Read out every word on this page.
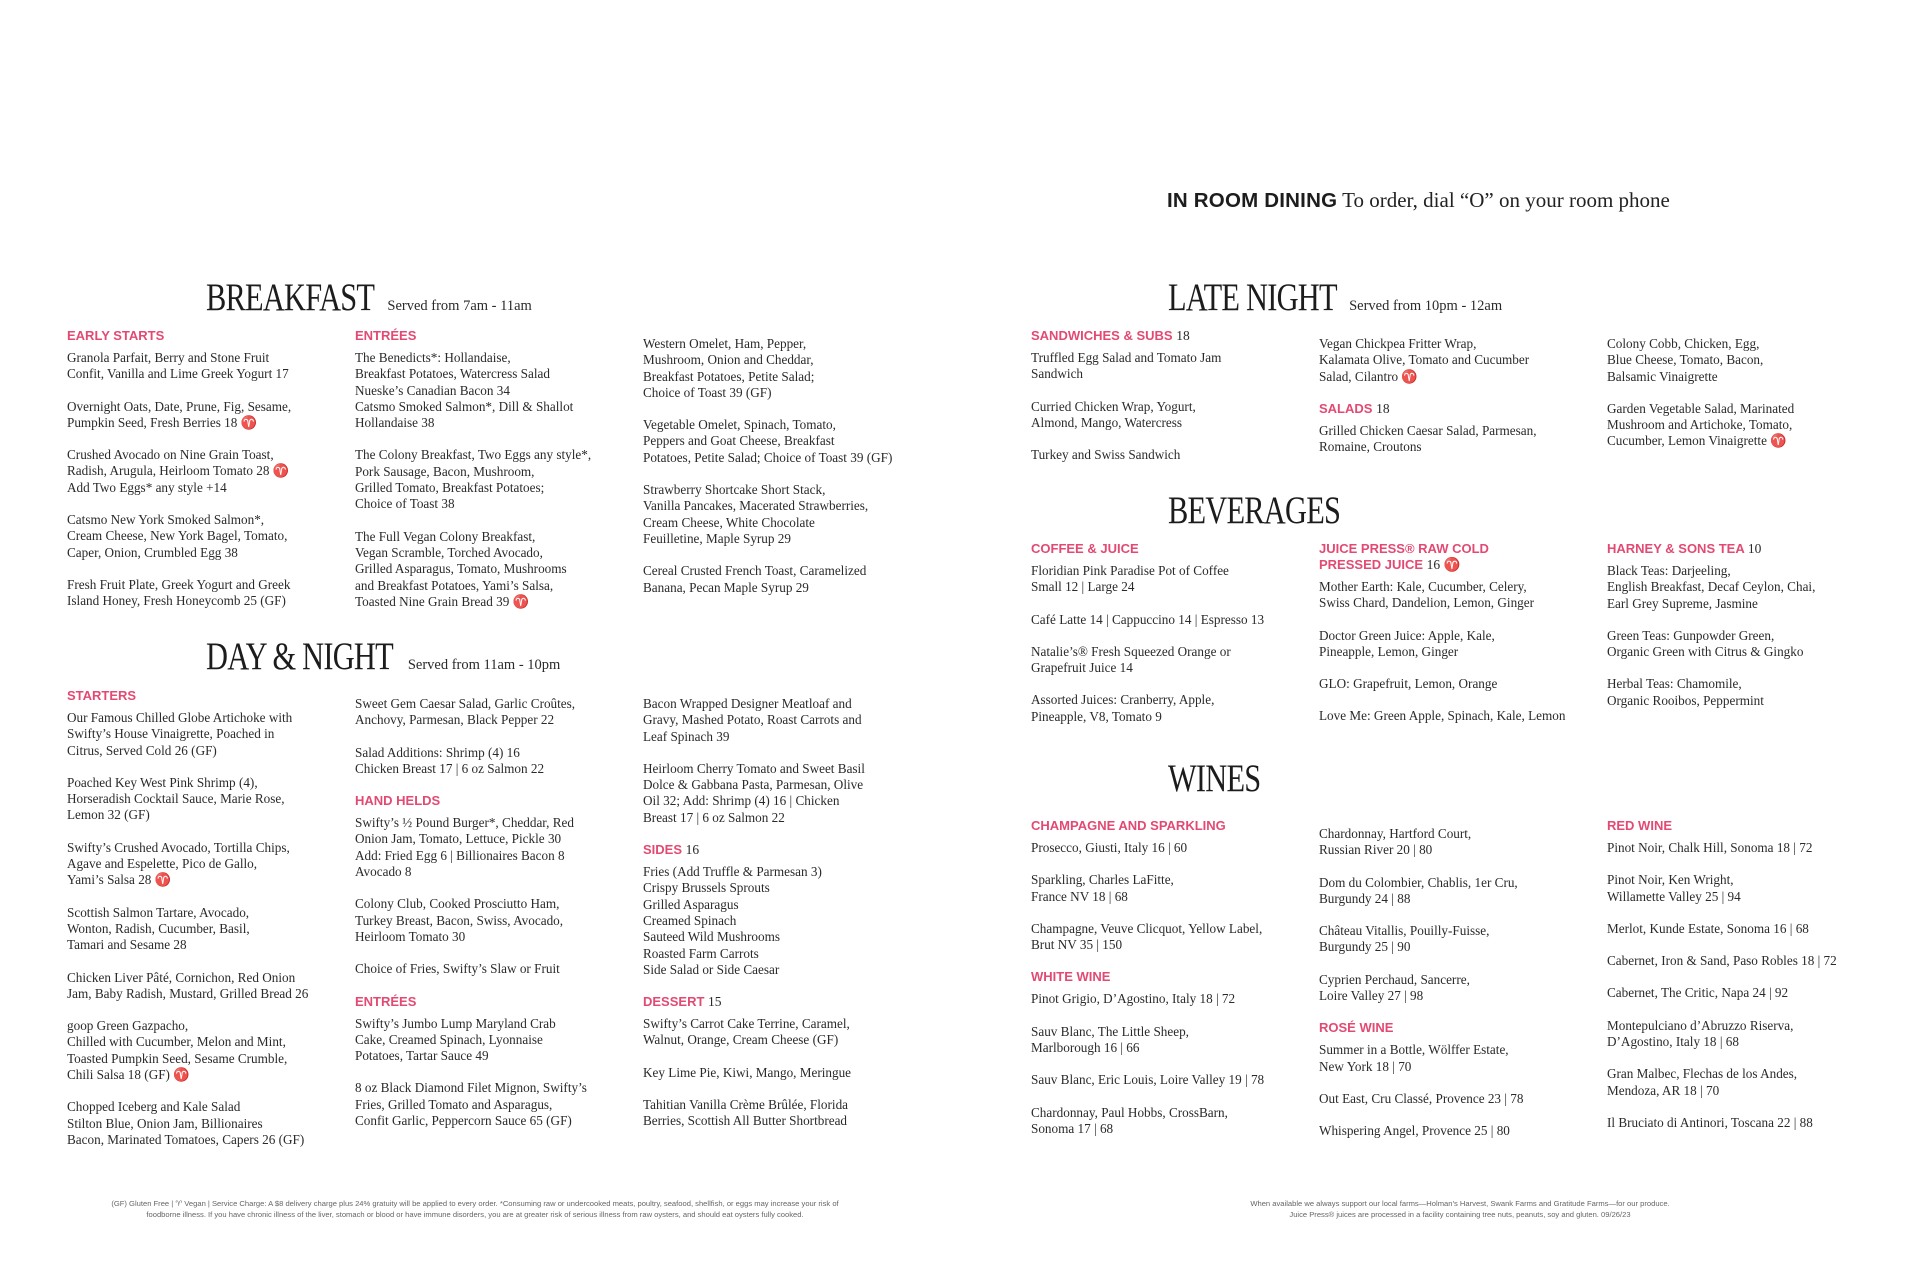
IN ROOM DINING To order, dial “O” on your room phone
BREAKFAST Served from 7am - 11am
EARLY STARTS
Granola Parfait, Berry and Stone Fruit
Confit, Vanilla and Lime Greek Yogurt 17
Overnight Oats, Date, Prune, Fig, Sesame,
Pumpkin Seed, Fresh Berries 18 ♈
Crushed Avocado on Nine Grain Toast,
Radish, Arugula, Heirloom Tomato 28 ♈
Add Two Eggs* any style +14
Catsmo New York Smoked Salmon*,
Cream Cheese, New York Bagel, Tomato,
Caper, Onion, Crumbled Egg 38
Fresh Fruit Plate, Greek Yogurt and Greek
Island Honey, Fresh Honeycomb 25 (GF)
ENTRÉES
The Benedicts*: Hollandaise,
Breakfast Potatoes, Watercress Salad
Nueske’s Canadian Bacon 34
Catsmo Smoked Salmon*, Dill & Shallot
Hollandaise 38
The Colony Breakfast, Two Eggs any style*,
Pork Sausage, Bacon, Mushroom,
Grilled Tomato, Breakfast Potatoes;
Choice of Toast 38
The Full Vegan Colony Breakfast,
Vegan Scramble, Torched Avocado,
Grilled Asparagus, Tomato, Mushrooms
and Breakfast Potatoes, Yami’s Salsa,
Toasted Nine Grain Bread 39 ♈
Western Omelet, Ham, Pepper,
Mushroom, Onion and Cheddar,
Breakfast Potatoes, Petite Salad;
Choice of Toast 39 (GF)
Vegetable Omelet, Spinach, Tomato,
Peppers and Goat Cheese, Breakfast
Potatoes, Petite Salad; Choice of Toast 39 (GF)
Strawberry Shortcake Short Stack,
Vanilla Pancakes, Macerated Strawberries,
Cream Cheese, White Chocolate
Feuilletine, Maple Syrup 29
Cereal Crusted French Toast, Caramelized
Banana, Pecan Maple Syrup 29
DAY & NIGHT Served from 11am - 10pm
STARTERS
Our Famous Chilled Globe Artichoke with
Swifty’s House Vinaigrette, Poached in
Citrus, Served Cold 26 (GF)
Poached Key West Pink Shrimp (4),
Horseradish Cocktail Sauce, Marie Rose,
Lemon 32 (GF)
Swifty’s Crushed Avocado, Tortilla Chips,
Agave and Espelette, Pico de Gallo,
Yami’s Salsa 28 ♈
Scottish Salmon Tartare, Avocado,
Wonton, Radish, Cucumber, Basil,
Tamari and Sesame 28
Chicken Liver Pâté, Cornichon, Red Onion
Jam, Baby Radish, Mustard, Grilled Bread 26
goop Green Gazpacho,
Chilled with Cucumber, Melon and Mint,
Toasted Pumpkin Seed, Sesame Crumble,
Chili Salsa 18 (GF) ♈
Chopped Iceberg and Kale Salad
Stilton Blue, Onion Jam, Billionaires
Bacon, Marinated Tomatoes, Capers 26 (GF)
Sweet Gem Caesar Salad, Garlic Croûtes,
Anchovy, Parmesan, Black Pepper 22
Salad Additions: Shrimp (4) 16
Chicken Breast 17 | 6 oz Salmon 22
HAND HELDS
Swifty’s ½ Pound Burger*, Cheddar, Red
Onion Jam, Tomato, Lettuce, Pickle 30
Add: Fried Egg 6 | Billionaires Bacon 8
Avocado 8
Colony Club, Cooked Prosciutto Ham,
Turkey Breast, Bacon, Swiss, Avocado,
Heirloom Tomato 30
Choice of Fries, Swifty’s Slaw or Fruit
ENTRÉES
Swifty’s Jumbo Lump Maryland Crab
Cake, Creamed Spinach, Lyonnaise
Potatoes, Tartar Sauce 49
8 oz Black Diamond Filet Mignon, Swifty’s
Fries, Grilled Tomato and Asparagus,
Confit Garlic, Peppercorn Sauce 65 (GF)
Bacon Wrapped Designer Meatloaf and
Gravy, Mashed Potato, Roast Carrots and
Leaf Spinach 39
Heirloom Cherry Tomato and Sweet Basil
Dolce & Gabbana Pasta, Parmesan, Olive
Oil 32; Add: Shrimp (4) 16 | Chicken
Breast 17 | 6 oz Salmon 22
SIDES 16
Fries (Add Truffle & Parmesan 3)
Crispy Brussels Sprouts
Grilled Asparagus
Creamed Spinach
Sauteed Wild Mushrooms
Roasted Farm Carrots
Side Salad or Side Caesar
DESSERT 15
Swifty’s Carrot Cake Terrine, Caramel,
Walnut, Orange, Cream Cheese (GF)
Key Lime Pie, Kiwi, Mango, Meringue
Tahitian Vanilla Crème Brûlée, Florida
Berries, Scottish All Butter Shortbread
LATE NIGHT Served from 10pm - 12am
SANDWICHES & SUBS 18
Truffled Egg Salad and Tomato Jam
Sandwich
Curried Chicken Wrap, Yogurt,
Almond, Mango, Watercress
Turkey and Swiss Sandwich
Vegan Chickpea Fritter Wrap,
Kalamata Olive, Tomato and Cucumber
Salad, Cilantro ♈
SALADS 18
Grilled Chicken Caesar Salad, Parmesan,
Romaine, Croutons
Colony Cobb, Chicken, Egg,
Blue Cheese, Tomato, Bacon,
Balsamic Vinaigrette
Garden Vegetable Salad, Marinated
Mushroom and Artichoke, Tomato,
Cucumber, Lemon Vinaigrette ♈
BEVERAGES
COFFEE & JUICE
Floridian Pink Paradise Pot of Coffee
Small 12 | Large 24
Café Latte 14 | Cappuccino 14 | Espresso 13
Natalie’s® Fresh Squeezed Orange or
Grapefruit Juice 14
Assorted Juices: Cranberry, Apple,
Pineapple, V8, Tomato 9
JUICE PRESS® RAW COLD
PRESSED JUICE 16 ♈
Mother Earth: Kale, Cucumber, Celery,
Swiss Chard, Dandelion, Lemon, Ginger
Doctor Green Juice: Apple, Kale,
Pineapple, Lemon, Ginger
GLO: Grapefruit, Lemon, Orange
Love Me: Green Apple, Spinach, Kale, Lemon
HARNEY & SONS TEA 10
Black Teas: Darjeeling,
English Breakfast, Decaf Ceylon, Chai,
Earl Grey Supreme, Jasmine
Green Teas: Gunpowder Green,
Organic Green with Citrus & Gingko
Herbal Teas: Chamomile,
Organic Rooibos, Peppermint
WINES
CHAMPAGNE AND SPARKLING
Prosecco, Giusti, Italy 16 | 60
Sparkling, Charles LaFitte,
France NV 18 | 68
Champagne, Veuve Clicquot, Yellow Label,
Brut NV 35 | 150
WHITE WINE
Pinot Grigio, D’Agostino, Italy 18 | 72
Sauv Blanc, The Little Sheep,
Marlborough 16 | 66
Sauv Blanc, Eric Louis, Loire Valley 19 | 78
Chardonnay, Paul Hobbs, CrossBarn,
Sonoma 17 | 68
Chardonnay, Hartford Court,
Russian River 20 | 80
Dom du Colombier, Chablis, 1er Cru,
Burgundy 24 | 88
Château Vitallis, Pouilly-Fuisse,
Burgundy 25 | 90
Cyprien Perchaud, Sancerre,
Loire Valley 27 | 98
ROSÉ WINE
Summer in a Bottle, Wölffer Estate,
New York 18 | 70
Out East, Cru Classé, Provence 23 | 78
Whispering Angel, Provence 25 | 80
RED WINE
Pinot Noir, Chalk Hill, Sonoma 18 | 72
Pinot Noir, Ken Wright,
Willamette Valley 25 | 94
Merlot, Kunde Estate, Sonoma 16 | 68
Cabernet, Iron & Sand, Paso Robles 18 | 72
Cabernet, The Critic, Napa 24 | 92
Montepulciano d’Abruzzo Riserva,
D’Agostino, Italy 18 | 68
Gran Malbec, Flechas de los Andes,
Mendoza, AR 18 | 70
Il Bruciato di Antinori, Toscana 22 | 88
(GF) Gluten Free | ♈ Vegan | Service Charge: A $8 delivery charge plus 24% gratuity will be applied to every order. *Consuming raw or undercooked meats, poultry, seafood, shellfish, or eggs may increase your risk of
foodborne illness. If you have chronic illness of the liver, stomach or blood or have immune disorders, you are at greater risk of serious illness from raw oysters, and should eat oysters fully cooked.
When available we always support our local farms—Holman’s Harvest, Swank Farms and Gratitude Farms—for our produce.
Juice Press® juices are processed in a facility containing tree nuts, peanuts, soy and gluten. 09/26/23
